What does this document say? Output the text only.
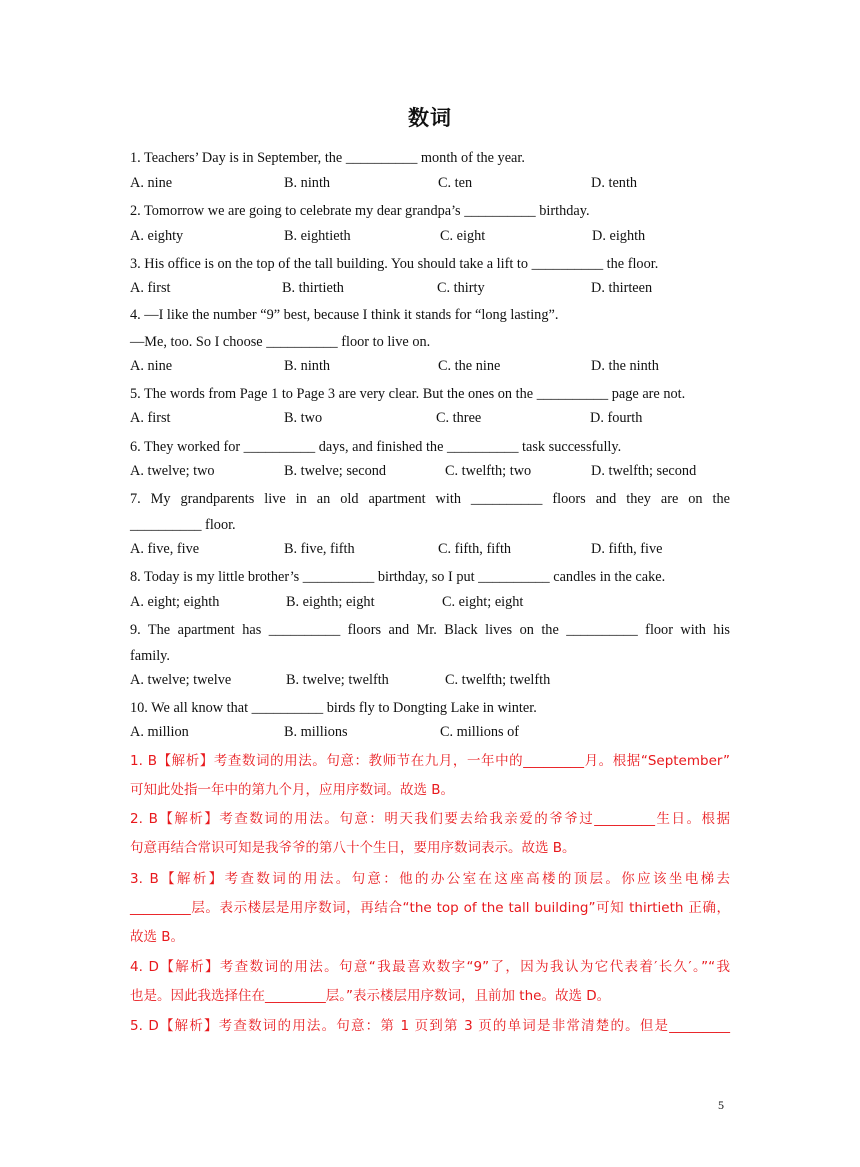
数词
1. Teachers’ Day is in September, the __________ month of the year.
A. nine	B. ninth	C. ten	D. tenth
2. Tomorrow we are going to celebrate my dear grandpa’s __________ birthday.
A. eighty	B. eightieth	C. eight	D. eighth
3. His office is on the top of the tall building. You should take a lift to __________ the floor.
A. first	B. thirtieth	C. thirty	D. thirteen
4. —I like the number “9” best, because I think it stands for “long lasting”.
—Me, too. So I choose __________ floor to live on.
A. nine	B. ninth	C. the nine	D. the ninth
5. The words from Page 1 to Page 3 are very clear. But the ones on the __________ page are not.
A. first	B. two	C. three	D. fourth
6. They worked for __________ days, and finished the __________ task successfully.
A. twelve; two	B. twelve; second	C. twelfth; two	D. twelfth; second
7. My grandparents live in an old apartment with __________ floors and they are on the
__________ floor.
A. five, five	B. five, fifth	C. fifth, fifth	D. fifth, five
8. Today is my little brother’s __________ birthday, so I put __________ candles in the cake.
A. eight; eighth	B. eighth; eight	C. eight; eight
9. The apartment has __________ floors and Mr. Black lives on the __________ floor with his
family.
A. twelve; twelve	B. twelve; twelfth	C. twelfth; twelfth
10. We all know that __________ birds fly to Dongting Lake in winter.
A. million	B. millions	C. millions of
1. B【解析】考查数词的用法。句意：教师节在九月，一年中的_________月。根据“September”
可知此处指一年中的第九个月，应用序数词。故选 B。
2. B【解析】考查数词的用法。句意：明天我们要去给我亲爱的爷爷过_________生日。根据
句意再结合常识可知是我爷爷的第八十个生日，要用序数词表示。故选 B。
3. B【解析】考查数词的用法。句意：他的办公室在这座高楼的顶层。你应该坐电梯去
_________层。表示楼层是用序数词，再结合“the top of the tall building”可知 thirtieth 正确，
故选 B。
4. D【解析】考查数词的用法。句意“我最喜欢数字“9”了，因为我认为它代表着′长久′。”“我
也是。因此我选择住在_________层。”表示楼层用序数词，且前加 the。故选 D。
5. D【解析】考查数词的用法。句意：第 1 页到第 3 页的单词是非常清楚的。但是_________
5
